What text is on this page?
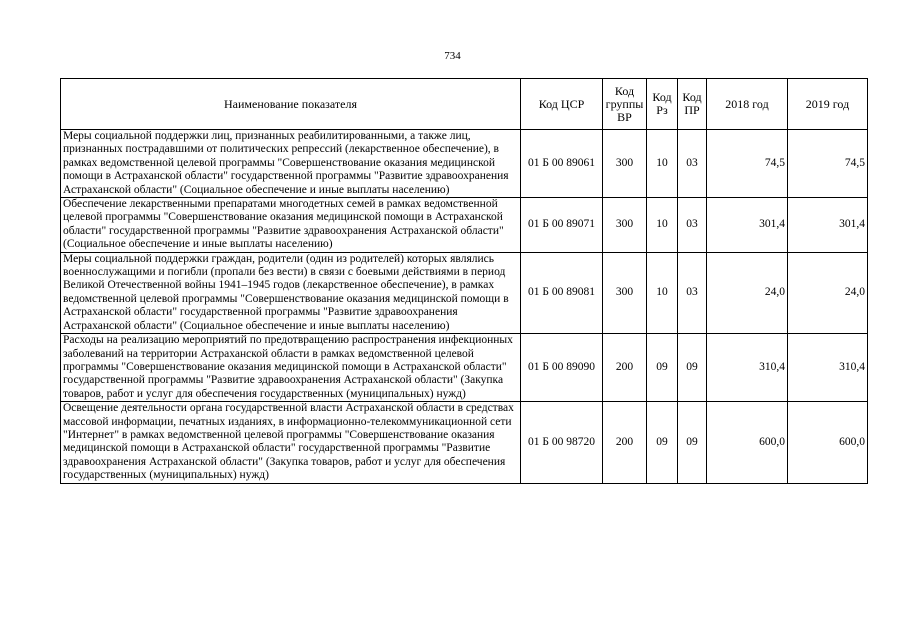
734
Наименование показателя	Код ЦСР	Код группы ВР	Код Рз	Код ПР	2018 год	2019 год
Меры социальной поддержки лиц, признанных реабилитированными, а также лиц, признанных пострадавшими от политических репрессий (лекарственное обеспечение), в рамках ведомственной целевой программы "Совершенствование оказания медицинской помощи в Астраханской области" государственной программы "Развитие здравоохранения Астраханской области" (Социальное обеспечение и иные выплаты населению)	01 Б 00 89061	300	10	03	74,5	74,5
Обеспечение лекарственными препаратами многодетных семей в рамках ведомственной целевой программы "Совершенствование оказания медицинской помощи в Астраханской области" государственной программы "Развитие здравоохранения Астраханской области" (Социальное обеспечение и иные выплаты населению)	01 Б 00 89071	300	10	03	301,4	301,4
Меры социальной поддержки граждан, родители (один из родителей) которых являлись военнослужащими и погибли (пропали без вести) в связи с боевыми действиями в период Великой Отечественной войны 1941–1945 годов (лекарственное обеспечение), в рамках ведомственной целевой программы "Совершенствование оказания медицинской помощи в Астраханской области" государственной программы "Развитие здравоохранения Астраханской области" (Социальное обеспечение и иные выплаты населению)	01 Б 00 89081	300	10	03	24,0	24,0
Расходы на реализацию мероприятий по предотвращению распространения инфекционных заболеваний на территории Астраханской области в рамках ведомственной целевой программы "Совершенствование оказания медицинской помощи в Астраханской области" государственной программы "Развитие здравоохранения Астраханской области" (Закупка товаров, работ и услуг для обеспечения государственных (муниципальных) нужд)	01 Б 00 89090	200	09	09	310,4	310,4
Освещение деятельности органа государственной власти Астраханской области в средствах массовой информации, печатных изданиях, в информационно-телекоммуникационной сети "Интернет" в рамках ведомственной целевой программы "Совершенствование оказания медицинской помощи в Астраханской области" государственной программы "Развитие здравоохранения Астраханской области" (Закупка товаров, работ и услуг для обеспечения государственных (муниципальных) нужд)	01 Б 00 98720	200	09	09	600,0	600,0
